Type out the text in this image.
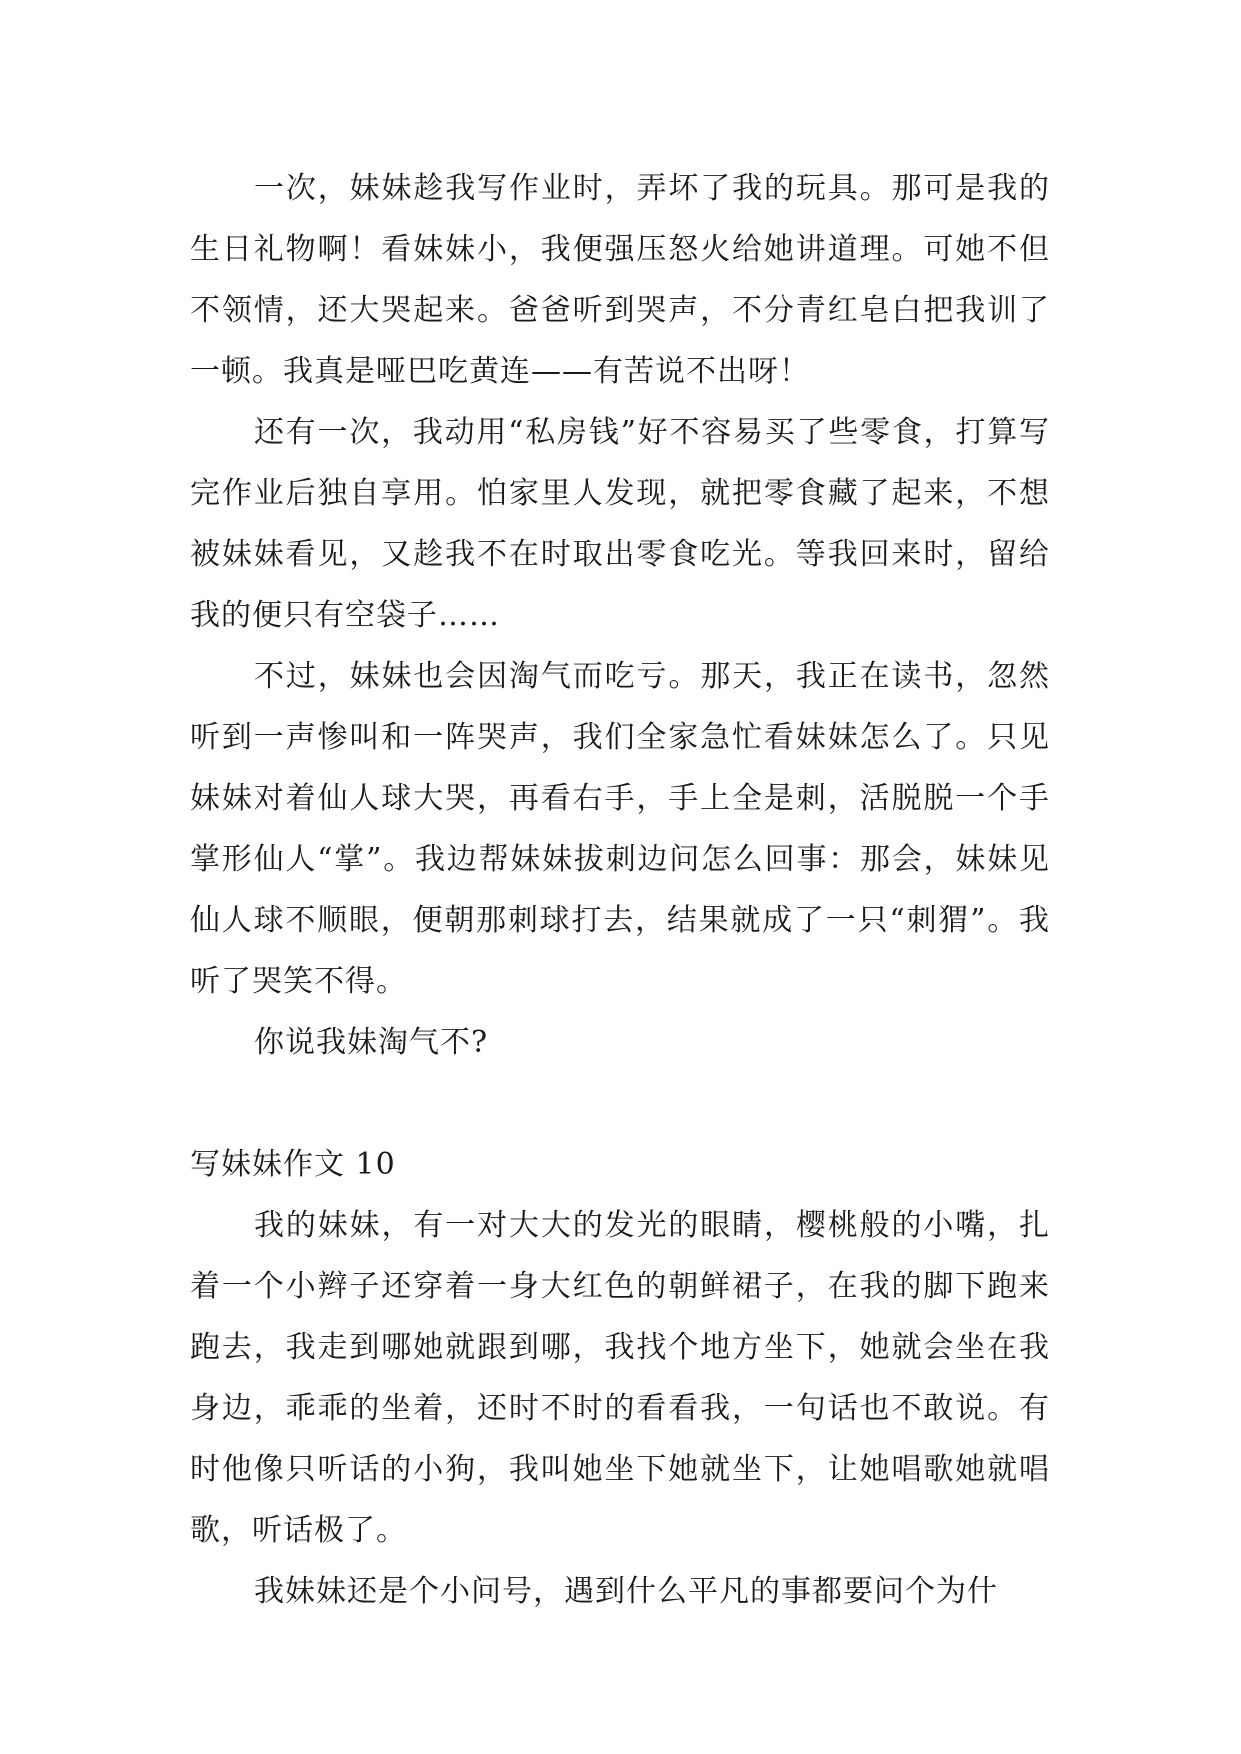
一次，妹妹趁我写作业时，弄坏了我的玩具。那可是我的生日礼物啊！看妹妹小，我便强压怒火给她讲道理。可她不但不领情，还大哭起来。爸爸听到哭声，不分青红皂白把我训了一顿。我真是哑巴吃黄连——有苦说不出呀！

还有一次，我动用“私房钱”好不容易买了些零食，打算写完作业后独自享用。怕家里人发现，就把零食藏了起来，不想被妹妹看见，又趁我不在时取出零食吃光。等我回来时，留给我的便只有空袋子……

不过，妹妹也会因淘气而吃亏。那天，我正在读书，忽然听到一声惨叫和一阵哭声，我们全家急忙看妹妹怎么了。只见妹妹对着仙人球大哭，再看右手，手上全是刺，活脱脱一个手掌形仙人“掌”。我边帮妹妹拔刺边问怎么回事：那会，妹妹见仙人球不顺眼，便朝那刺球打去，结果就成了一只“刺猬”。我听了哭笑不得。

你说我妹淘气不?

写妹妹作文 10

我的妹妹，有一对大大的发光的眼睛，樱桃般的小嘴，扎着一个小辫子还穿着一身大红色的朝鲜裙子，在我的脚下跑来跑去，我走到哪她就跟到哪，我找个地方坐下，她就会坐在我身边，乖乖的坐着，还时不时的看看我，一句话也不敢说。有时他像只听话的小狗，我叫她坐下她就坐下，让她唱歌她就唱歌，听话极了。

我妹妹还是个小问号，遇到什么平凡的事都要问个为什
